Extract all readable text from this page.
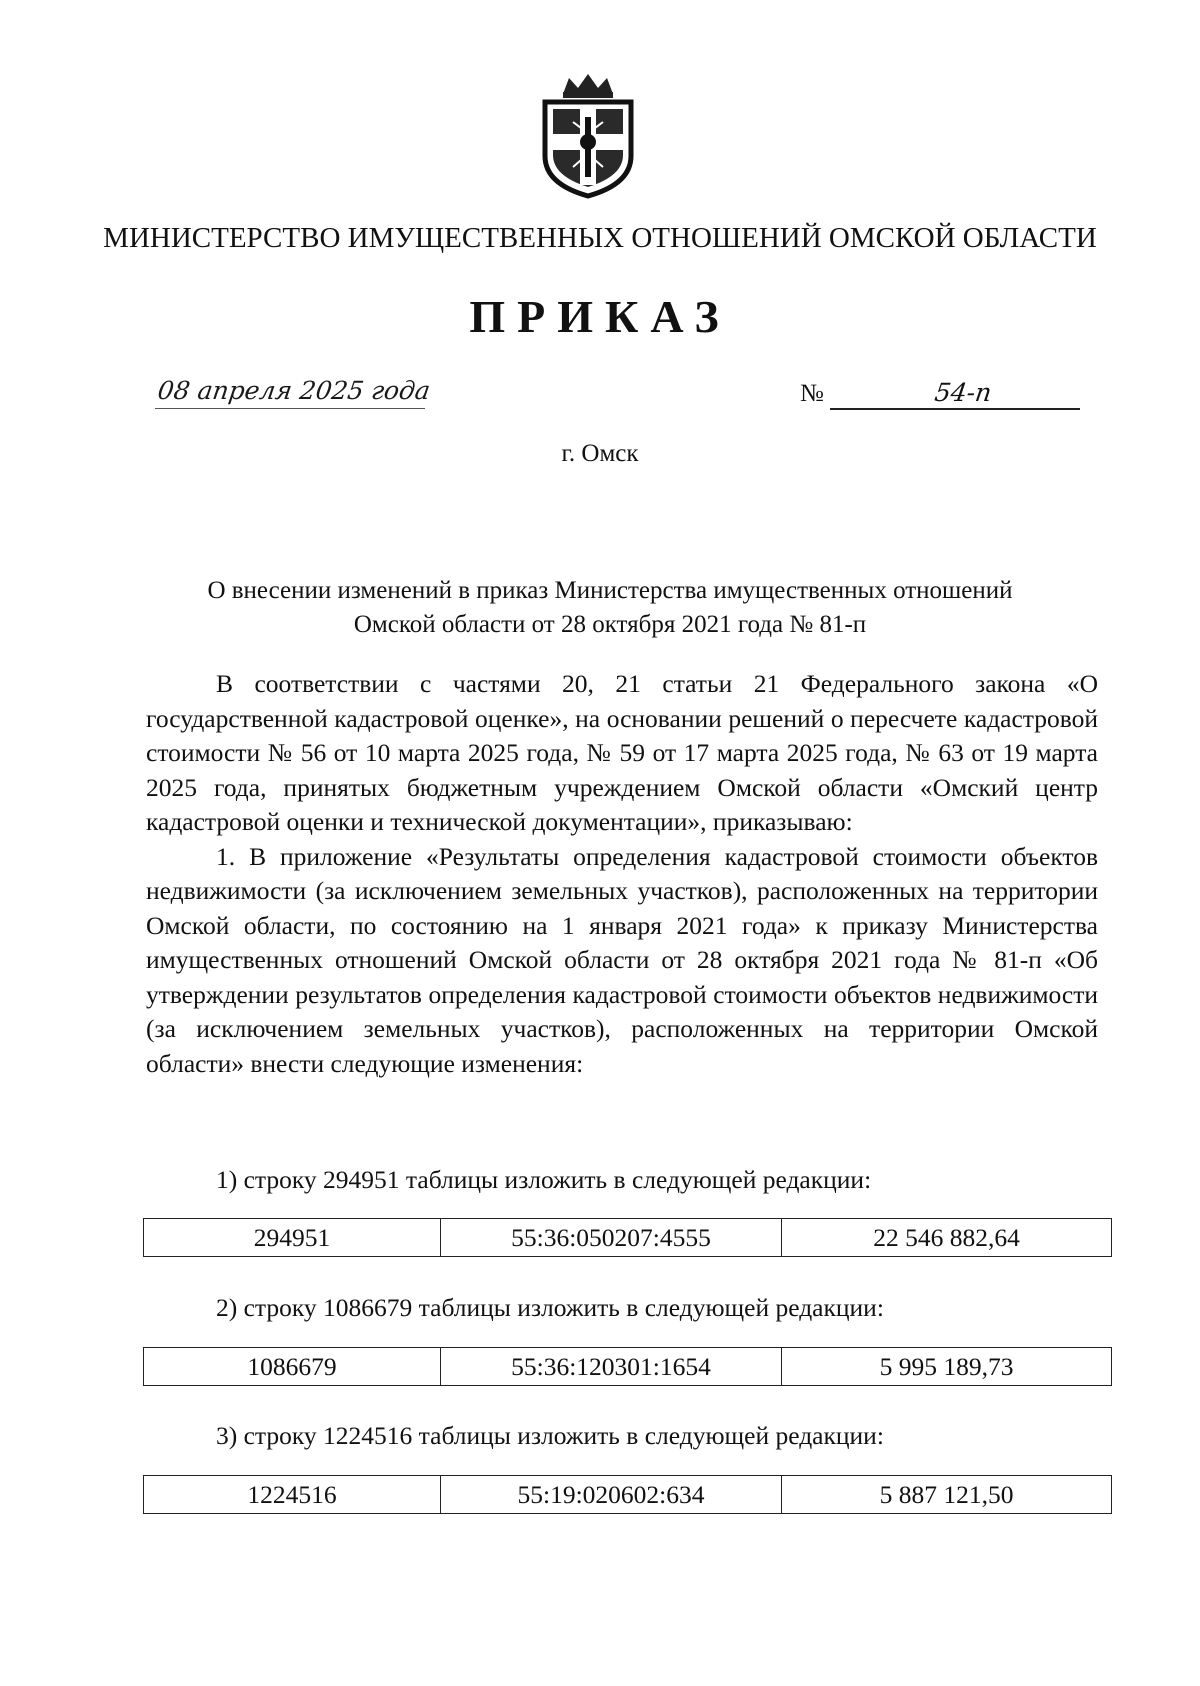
МИНИСТЕРСТВО ИМУЩЕСТВЕННЫХ ОТНОШЕНИЙ ОМСКОЙ ОБЛАСТИ
ПРИКАЗ
08 апреля 2025 года	№	54-п
г. Омск
О внесении изменений в приказ Министерства имущественных отношений
Омской области от 28 октября 2021 года № 81-п

В соответствии с частями 20, 21 статьи 21 Федерального закона «О государственной кадастровой оценке», на основании решений о пересчете кадастровой стоимости № 56 от 10 марта 2025 года, № 59 от 17 марта 2025 года, № 63 от 19 марта 2025 года, принятых бюджетным учреждением Омской области «Омский центр кадастровой оценки и технической документации», приказываю:

1. В приложение «Результаты определения кадастровой стоимости объектов недвижимости (за исключением земельных участков), расположенных на территории Омской области, по состоянию на 1 января 2021 года» к приказу Министерства имущественных отношений Омской области от 28 октября 2021 года № 81-п «Об утверждении результатов определения кадастровой стоимости объектов недвижимости (за исключением земельных участков), расположенных на территории Омской области» внести следующие изменения:

1) строку 294951 таблицы изложить в следующей редакции:
294951	55:36:050207:4555	22 546 882,64
2) строку 1086679 таблицы изложить в следующей редакции:
1086679	55:36:120301:1654	5 995 189,73
3) строку 1224516 таблицы изложить в следующей редакции:
1224516	55:19:020602:634	5 887 121,50
